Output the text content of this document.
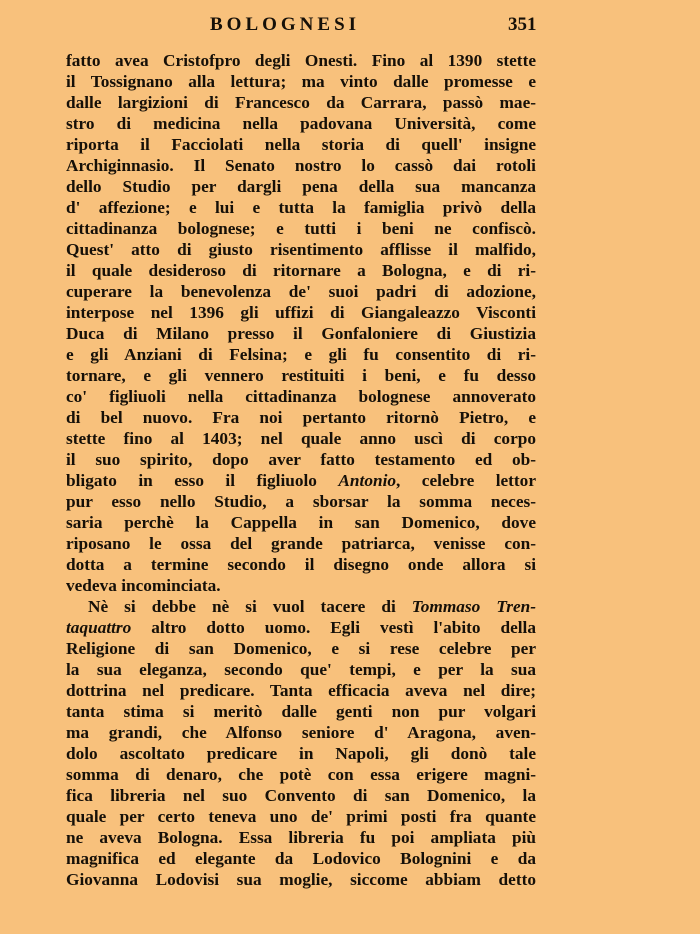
BOLOGNESI	351
fatto avea Cristofpro degli Onesti. Fino al 1390 stette
il Tossignano alla lettura; ma vinto dalle promesse e
dalle largizioni di Francesco da Carrara, passò mae-
stro di medicina nella padovana Università, come
riporta il Facciolati nella storia di quell' insigne
Archiginnasio. Il Senato nostro lo cassò dai rotoli
dello Studio per dargli pena della sua mancanza
d' affezione; e lui e tutta la famiglia privò della
cittadinanza bolognese; e tutti i beni ne confiscò.
Quest' atto di giusto risentimento afflisse il malfido,
il quale desideroso di ritornare a Bologna, e di ri-
cuperare la benevolenza de' suoi padri di adozione,
interpose nel 1396 gli uffizi di Giangaleazzo Visconti
Duca di Milano presso il Gonfaloniere di Giustizia
e gli Anziani di Felsina; e gli fu consentito di ri-
tornare, e gli vennero restituiti i beni, e fu desso
co' figliuoli nella cittadinanza bolognese annoverato
di bel nuovo. Fra noi pertanto ritornò Pietro, e
stette fino al 1403; nel quale anno uscì di corpo
il suo spirito, dopo aver fatto testamento ed ob-
bligato in esso il figliuolo Antonio, celebre lettor
pur esso nello Studio, a sborsar la somma neces-
saria perchè la Cappella in san Domenico, dove
riposano le ossa del grande patriarca, venisse con-
dotta a termine secondo il disegno onde allora si
vedeva incominciata.
Nè si debbe nè si vuol tacere di Tommaso Tren-
taquattro altro dotto uomo. Egli vestì l'abito della
Religione di san Domenico, e si rese celebre per
la sua eleganza, secondo que' tempi, e per la sua
dottrina nel predicare. Tanta efficacia aveva nel dire;
tanta stima si meritò dalle genti non pur volgari
ma grandi, che Alfonso seniore d' Aragona, aven-
dolo ascoltato predicare in Napoli, gli donò tale
somma di denaro, che potè con essa erigere magni-
fica libreria nel suo Convento di san Domenico, la
quale per certo teneva uno de' primi posti fra quante
ne aveva Bologna. Essa libreria fu poi ampliata più
magnifica ed elegante da Lodovico Bolognini e da
Giovanna Lodovisi sua moglie, siccome abbiam detto
